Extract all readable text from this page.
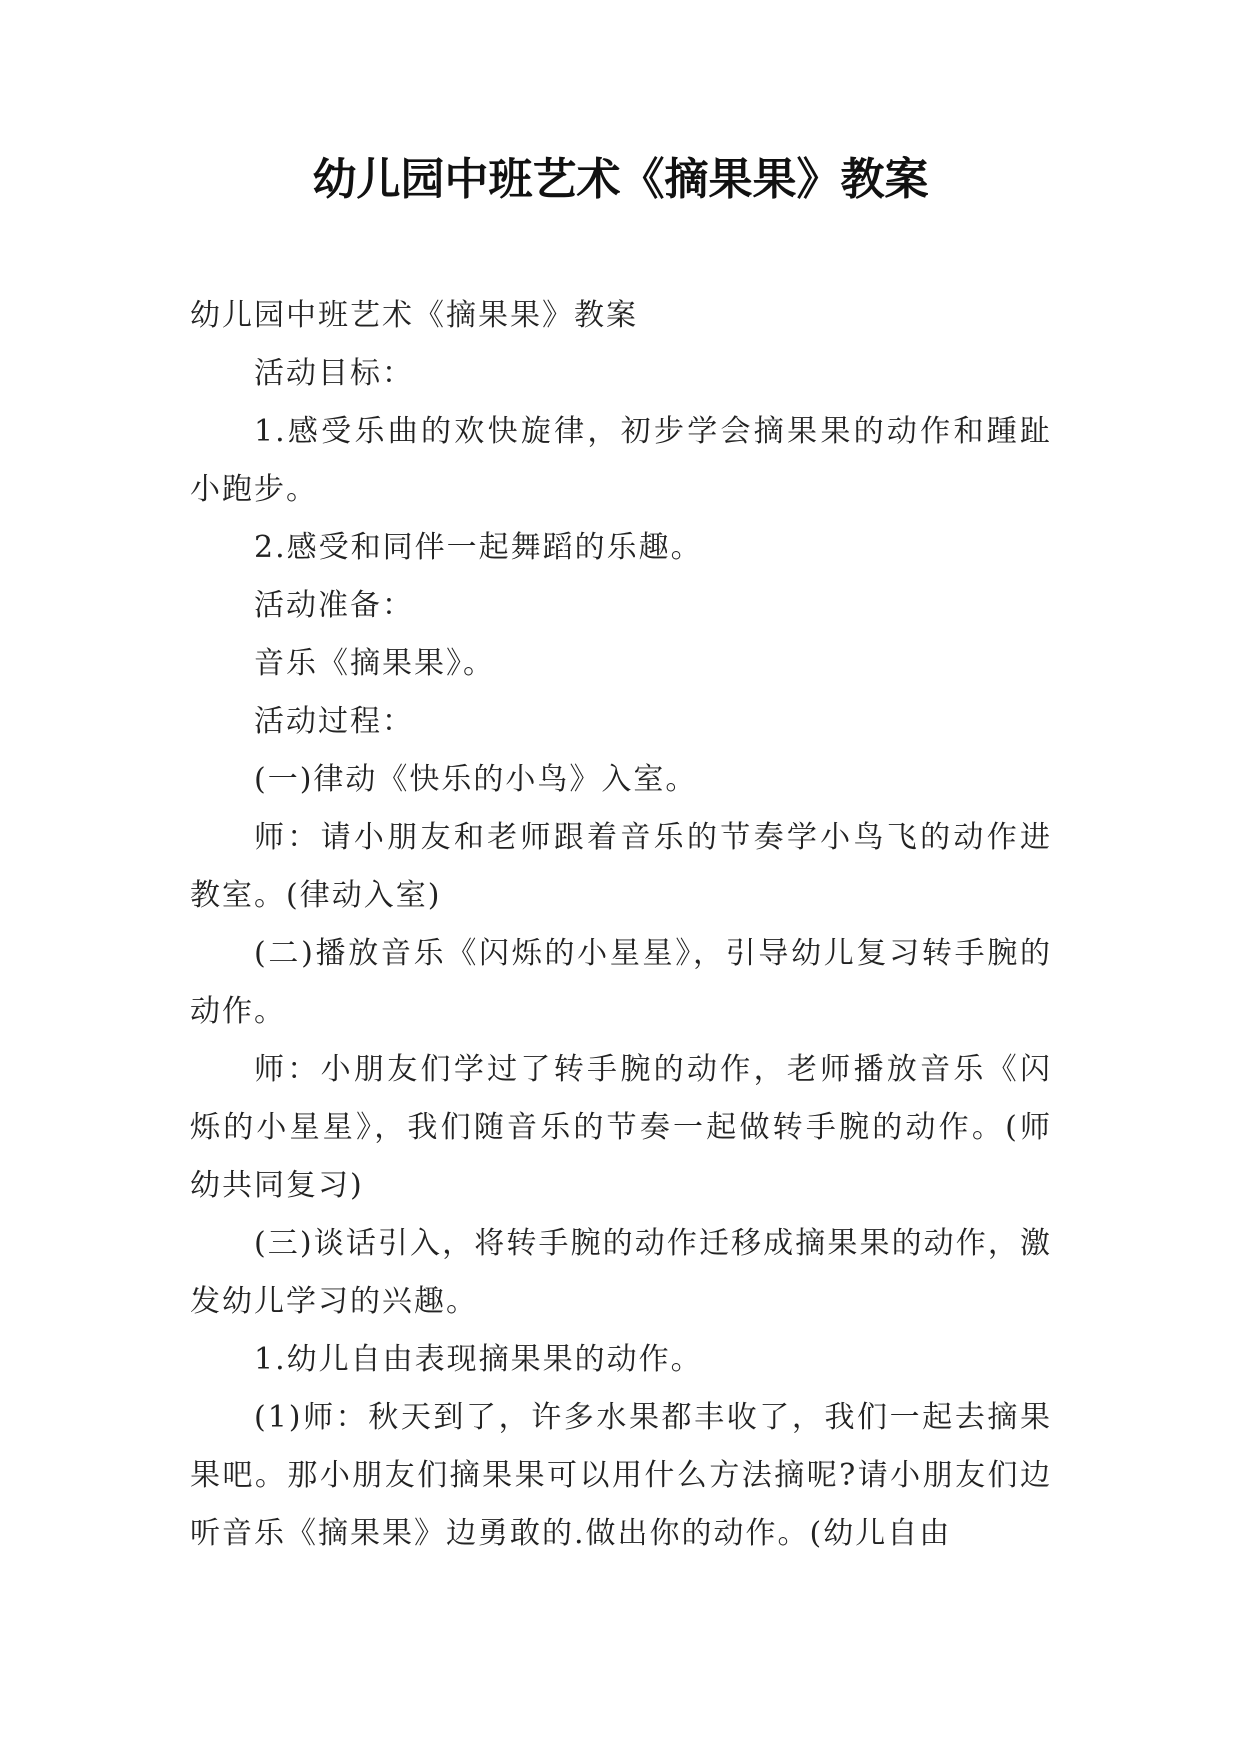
幼儿园中班艺术《摘果果》教案

幼儿园中班艺术《摘果果》教案

活动目标：

1.感受乐曲的欢快旋律，初步学会摘果果的动作和踵趾小跑步。

2.感受和同伴一起舞蹈的乐趣。

活动准备：

音乐《摘果果》。

活动过程：

(一)律动《快乐的小鸟》入室。

师：请小朋友和老师跟着音乐的节奏学小鸟飞的动作进教室。(律动入室)

(二)播放音乐《闪烁的小星星》，引导幼儿复习转手腕的动作。

师：小朋友们学过了转手腕的动作，老师播放音乐《闪烁的小星星》，我们随音乐的节奏一起做转手腕的动作。(师幼共同复习)

(三)谈话引入，将转手腕的动作迁移成摘果果的动作，激发幼儿学习的兴趣。

1.幼儿自由表现摘果果的动作。

(1)师：秋天到了，许多水果都丰收了，我们一起去摘果果吧。那小朋友们摘果果可以用什么方法摘呢?请小朋友们边听音乐《摘果果》边勇敢的.做出你的动作。(幼儿自由
